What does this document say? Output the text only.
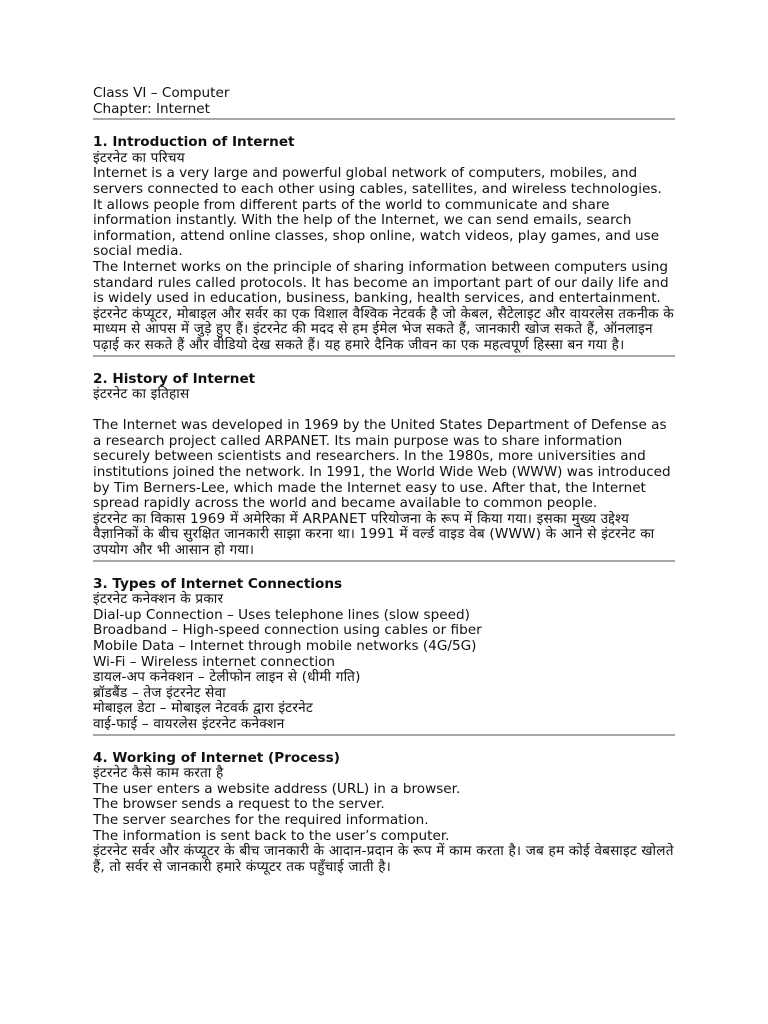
Class VI – Computer
Chapter: Internet
1. Introduction of Internet
इंटरनेट का परिचय
Internet is a very large and powerful global network of computers, mobiles, and servers connected to each other using cables, satellites, and wireless technologies. It allows people from different parts of the world to communicate and share information instantly. With the help of the Internet, we can send emails, search information, attend online classes, shop online, watch videos, play games, and use social media.
The Internet works on the principle of sharing information between computers using standard rules called protocols. It has become an important part of our daily life and is widely used in education, business, banking, health services, and entertainment.
इंटरनेट कंप्यूटर, मोबाइल और सर्वर का एक विशाल वैश्विक नेटवर्क है जो केबल, सैटेलाइट और वायरलेस तकनीक के माध्यम से आपस में जुड़े हुए हैं। इंटरनेट की मदद से हम ईमेल भेज सकते हैं, जानकारी खोज सकते हैं, ऑनलाइन पढ़ाई कर सकते हैं और वीडियो देख सकते हैं। यह हमारे दैनिक जीवन का एक महत्वपूर्ण हिस्सा बन गया है।
2. History of Internet
इंटरनेट का इतिहास
The Internet was developed in 1969 by the United States Department of Defense as a research project called ARPANET. Its main purpose was to share information securely between scientists and researchers. In the 1980s, more universities and institutions joined the network. In 1991, the World Wide Web (WWW) was introduced by Tim Berners-Lee, which made the Internet easy to use. After that, the Internet spread rapidly across the world and became available to common people.
इंटरनेट का विकास 1969 में अमेरिका में ARPANET परियोजना के रूप में किया गया। इसका मुख्य उद्देश्य वैज्ञानिकों के बीच सुरक्षित जानकारी साझा करना था। 1991 में वर्ल्ड वाइड वेब (WWW) के आने से इंटरनेट का उपयोग और भी आसान हो गया।
3. Types of Internet Connections
इंटरनेट कनेक्शन के प्रकार
Dial-up Connection – Uses telephone lines (slow speed)
Broadband – High-speed connection using cables or fiber
Mobile Data – Internet through mobile networks (4G/5G)
Wi-Fi – Wireless internet connection
डायल-अप कनेक्शन – टेलीफोन लाइन से (धीमी गति)
ब्रॉडबैंड – तेज इंटरनेट सेवा
मोबाइल डेटा – मोबाइल नेटवर्क द्वारा इंटरनेट
वाई-फाई – वायरलेस इंटरनेट कनेक्शन
4. Working of Internet (Process)
इंटरनेट कैसे काम करता है
The user enters a website address (URL) in a browser.
The browser sends a request to the server.
The server searches for the required information.
The information is sent back to the user’s computer.
इंटरनेट सर्वर और कंप्यूटर के बीच जानकारी के आदान-प्रदान के रूप में काम करता है। जब हम कोई वेबसाइट खोलते हैं, तो सर्वर से जानकारी हमारे कंप्यूटर तक पहुँचाई जाती है।
